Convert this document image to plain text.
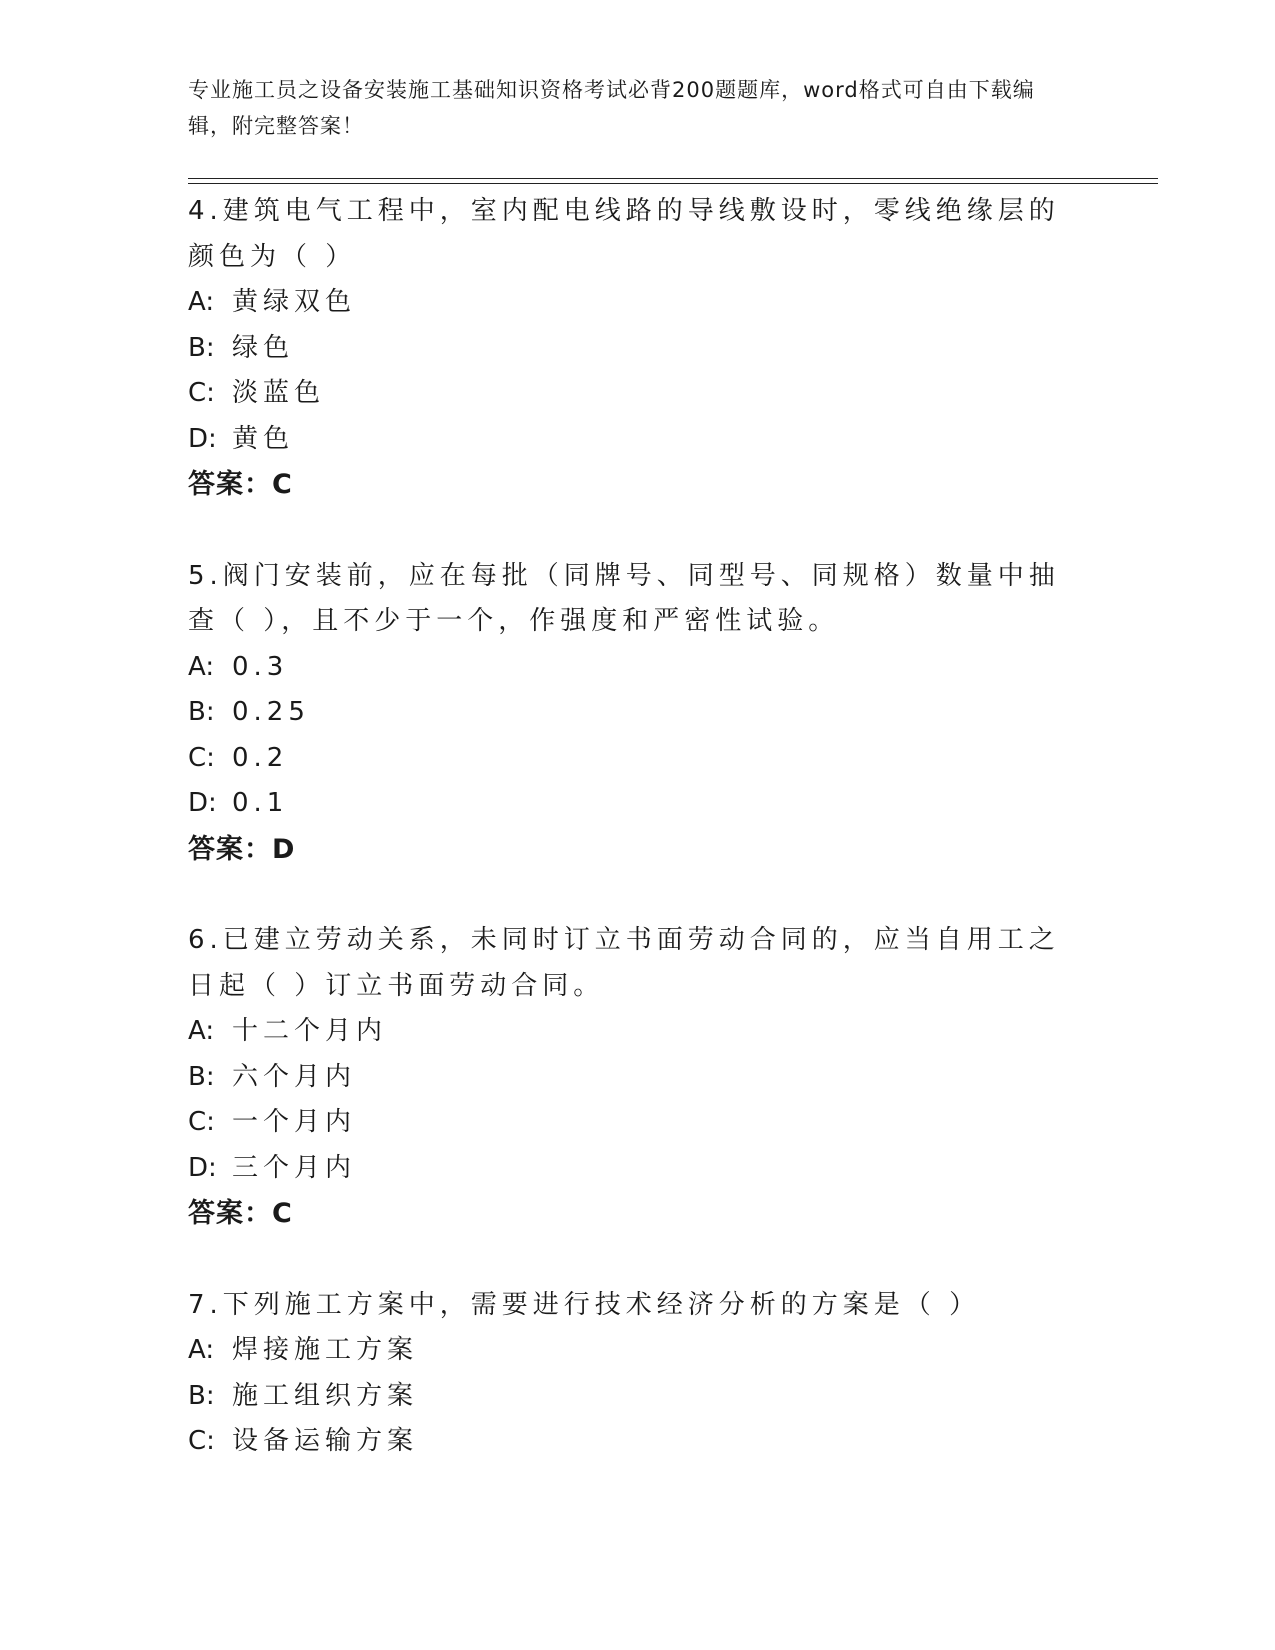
专业施工员之设备安装施工基础知识资格考试必背200题题库，word格式可自由下载编辑，附完整答案！

4.建筑电气工程中，室内配电线路的导线敷设时，零线绝缘层的颜色为（ ）

A: 黄绿双色
B: 绿色
C: 淡蓝色
D: 黄色
答案：C

5.阀门安装前，应在每批（同牌号、同型号、同规格）数量中抽查（ ），且不少于一个，作强度和严密性试验。

A: 0.3
B: 0.25
C: 0.2
D: 0.1
答案：D

6.已建立劳动关系，未同时订立书面劳动合同的，应当自用工之日起（ ）订立书面劳动合同。

A: 十二个月内
B: 六个月内
C: 一个月内
D: 三个月内
答案：C

7.下列施工方案中，需要进行技术经济分析的方案是（ ）

A: 焊接施工方案
B: 施工组织方案
C: 设备运输方案
